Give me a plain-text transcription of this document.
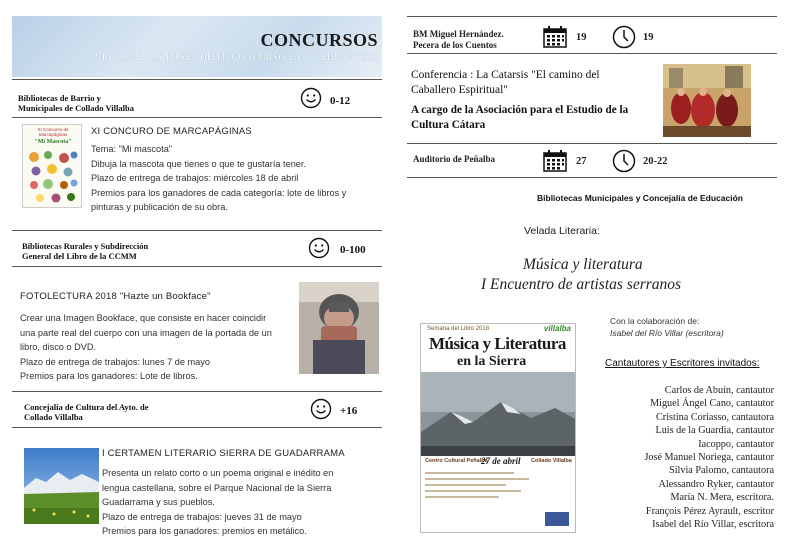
CONCURSOS
* RECOGE LAS BASES DE TU CONCURSO EN TU BIBLIOTECA
Bibliotecas de Barrio y
Municipales de Collado Villalba
0-12
XI Concurso de
Marcapáginas
"Mi Mascota"
XI CONCURO DE MARCAPÁGINAS
Tema: "Mi mascota"
Dibuja la mascota que tienes o que te gustaría tener.
Plazo de entrega de trabajos: miércoles 18 de abril
Premios para los ganadores de cada categoría: lote de libros y
pinturas y publicación de su obra.
Bibliotecas Rurales y Subdirección
General del Libro de la CCMM	0-100
FOTOLECTURA 2018 "Hazte un Bookface"
Crear una Imagen Bookface, que consiste en hacer coincidir
una parte real del cuerpo con una imagen de la portada de un
libro, disco o DVD.
Plazo de entrega de trabajos: lunes 7 de mayo
Premios para los ganadores: Lote de libros.
Concejalía de Cultura del Ayto. de
Collado Villalba	+16
I CERTAMEN LITERARIO SIERRA DE GUADARRAMA
Presenta un relato corto o un poema original e inédito en
lengua castellana, sobre el Parque Nacional de la Sierra
Guadarrama y sus pueblos.
Plazo de entrega de trabajos: jueves 31 de mayo
Premios para los ganadores: premios en metálico.
BM Miguel Hernández.
Pecera de los Cuentos
19	19
Conferencia : La Catarsis "El camino del
Caballero Espiritual"
A cargo de la Asociación para el Estudio de la
Cultura Cátara
Auditorio de Peñalba	27	20-22
Bibliotecas Municipales y Concejalía de Educación
Velada Literaria:
Música y literatura
I Encuentro de artistas serranos
Semana del Libro 2018	villalba
Música y Literatura
en la Sierra
Centro Cultural Peñalba
27 de abril Collado Villalba
Con la colaboración de:
Isabel del Río Villar (escritora)
Cantautores y Escritores invitados:
Carlos de Abuín, cantautor
Miguel Ángel Cano, cantautor
Cristina Coriasso, cantautora
Luis de la Guardia, cantautor
Iacoppo, cantautor
José Manuel Noriega, cantautor
Silvia Palomo, cantautora
Alessandro Ryker, cantautor
María N. Mera, escritora.
François Pérez Ayrault, escritor
Isabel del Río Villar, escritora
